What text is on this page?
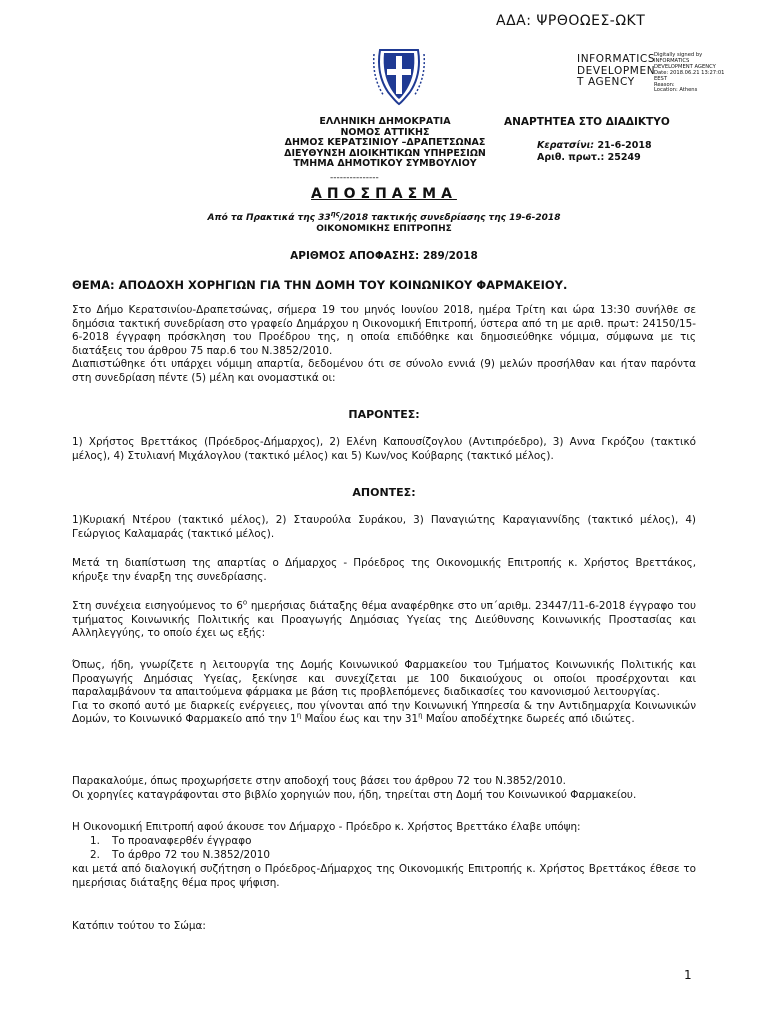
ΑΔΑ: ΨΡΘΟΩΕΣ-ΩΚΤ
INFORMATICS DEVELOPMEN T AGENCY
Digitally signed by
INFORMATICS
DEVELOPMENT AGENCY
Date: 2018.06.21 13:27:01
EEST
Reason:
Location: Athens
ΕΛΛΗΝΙΚΗ ΔΗΜΟΚΡΑΤΙΑ
ΝΟΜΟΣ ΑΤΤΙΚΗΣ
ΔΗΜΟΣ ΚΕΡΑΤΣΙΝΙΟΥ –ΔΡΑΠΕΤΣΩΝΑΣ
ΔΙΕΥΘΥΝΣΗ ΔΙΟΙΚΗΤΙΚΩΝ ΥΠΗΡΕΣΙΩΝ
ΤΜΗΜΑ ΔΗΜΟΤΙΚΟΥ ΣΥΜΒΟΥΛΙΟΥ
---------------
ΑΝΑΡΤΗΤΕΑ ΣΤΟ ΔΙΑΔΙΚΤΥΟ
Κερατσίνι: 21-6-2018
Αριθ. πρωτ.: 25249
ΑΠΟΣΠΑΣΜΑ
Από τα Πρακτικά της $33^{\eta\varsigma}/2018$ τακτικής συνεδρίασης της 19-6-2018
ΟΙΚΟΝΟΜΙΚΗΣ ΕΠΙΤΡΟΠΗΣ
ΑΡΙΘΜΟΣ ΑΠΟΦΑΣΗΣ: 289/2018
ΘΕΜΑ: ΑΠΟΔΟΧΗ ΧΟΡΗΓΙΩΝ ΓΙΑ ΤΗΝ ΔΟΜΗ ΤΟΥ ΚΟΙΝΩΝΙΚΟΥ ΦΑΡΜΑΚΕΙΟΥ.

Στο Δήμο Κερατσινίου-Δραπετσώνας, σήμερα 19 του μηνός Ιουνίου 2018, ημέρα Τρίτη και ώρα 13:30 συνήλθε σε δημόσια τακτική συνεδρίαση στο γραφείο Δημάρχου η Οικονομική Επιτροπή, ύστερα από τη με αριθ. πρωτ: 24150/15-6-2018 έγγραφη πρόσκληση του Προέδρου της, η οποία επιδόθηκε και δημοσιεύθηκε νόμιμα, σύμφωνα με τις διατάξεις του άρθρου 75 παρ.6 του Ν.3852/2010.

Διαπιστώθηκε ότι υπάρχει νόμιμη απαρτία, δεδομένου ότι σε σύνολο εννιά (9) μελών προσήλθαν και ήταν παρόντα στη συνεδρίαση πέντε (5) μέλη και ονομαστικά οι:

ΠΑΡΟΝΤΕΣ:
1) Χρήστος Βρεττάκος (Πρόεδρος-Δήμαρχος), 2) Ελένη Καπουσίζογλου (Αντιπρόεδρο), 3) Αννα Γκρόζου (τακτικό μέλος), 4) Στυλιανή Μιχάλογλου (τακτικό μέλος) και 5) Κων/νος Κούβαρης (τακτικό μέλος).
ΑΠΟΝΤΕΣ:
1)Κυριακή Ντέρου (τακτικό μέλος), 2) Σταυρούλα Συράκου, 3) Παναγιώτης Καραγιαννίδης (τακτικό μέλος), 4) Γεώργιος Καλαμαράς (τακτικό μέλος).
Μετά τη διαπίστωση της απαρτίας ο Δήμαρχος - Πρόεδρος της Οικονομικής Επιτροπής κ. Χρήστος Βρεττάκος, κήρυξε την έναρξη της συνεδρίασης.

Στη συνέχεια εισηγούμενος το $6^o$ ημερήσιας διάταξης θέμα αναφέρθηκε στο υπ΄αριθμ. 23447/11-6-2018 έγγραφο του τμήματος Κοινωνικής Πολιτικής και Προαγωγής Δημόσιας Υγείας της Διεύθυνσης Κοινωνικής Προστασίας και Αλληλεγγύης, το οποίο έχει ως εξής:

Όπως, ήδη, γνωρίζετε η λειτουργία της Δομής Κοινωνικού Φαρμακείου του Τμήματος Κοινωνικής Πολιτικής και Προαγωγής Δημόσιας Υγείας, ξεκίνησε και συνεχίζεται με 100 δικαιούχους οι οποίοι προσέρχονται και παραλαμβάνουν τα απαιτούμενα φάρμακα με βάση τις προβλεπόμενες διαδικασίες του κανονισμού λειτουργίας.

Για το σκοπό αυτό με διαρκείς ενέργειες, που γίνονται από την Κοινωνική Υπηρεσία & την Αντιδημαρχία Κοινωνικών Δομών, το Κοινωνικό Φαρμακείο από την $1^\eta$ Μαΐου έως και την $31^\eta$ Μαΐου αποδέχτηκε δωρεές από ιδιώτες.

Παρακαλούμε, όπως προχωρήσετε στην αποδοχή τους βάσει του άρθρου 72 του Ν.3852/2010.

Οι χορηγίες καταγράφονται στο βιβλίο χορηγιών που, ήδη, τηρείται στη Δομή του Κοινωνικού Φαρμακείου.

Η Οικονομική Επιτροπή αφού άκουσε τον Δήμαρχο - Πρόεδρο κ. Χρήστος Βρεττάκο έλαβε υπόψη:
1. Το προαναφερθέν έγγραφο
2. Το άρθρο 72 του Ν.3852/2010
και μετά από διαλογική συζήτηση ο Πρόεδρος-Δήμαρχος της Οικονομικής Επιτροπής κ. Χρήστος Βρεττάκος έθεσε το ημερήσιας διάταξης θέμα προς ψήφιση.
Κατόπιν τούτου το Σώμα:
1
